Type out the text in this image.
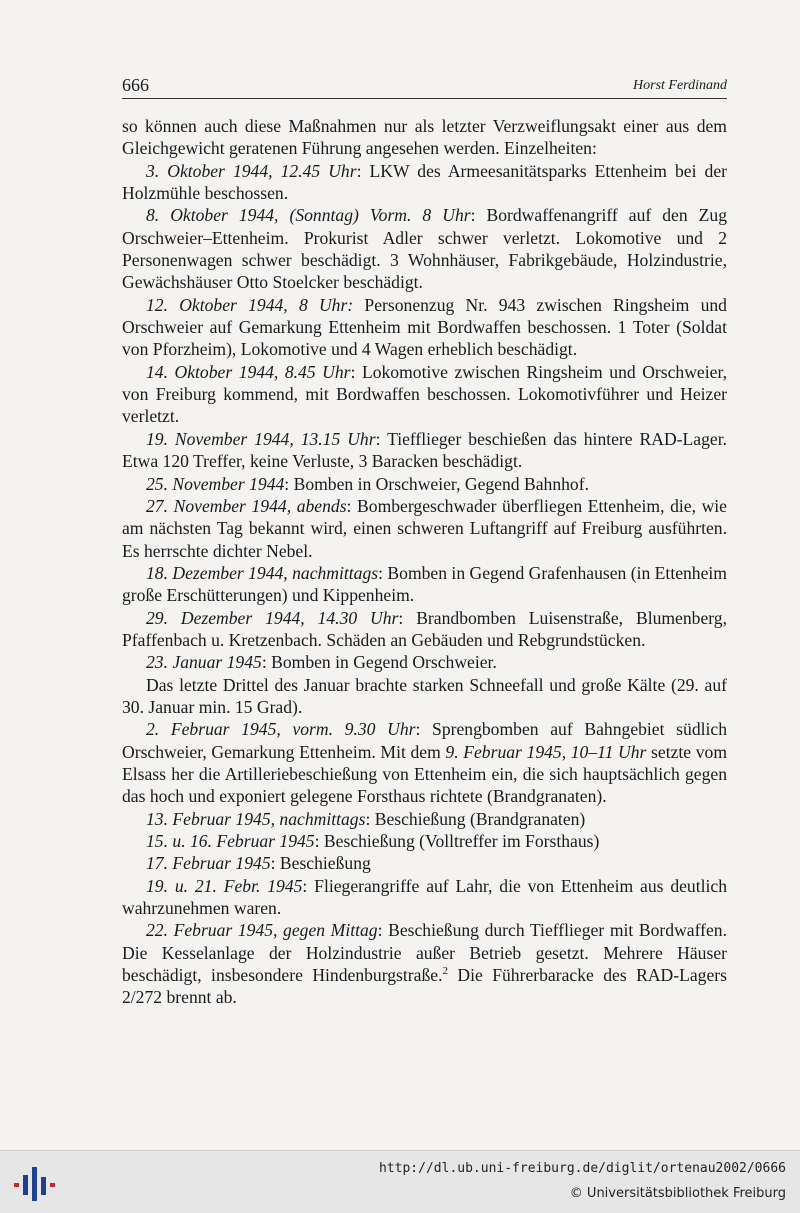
666	Horst Ferdinand

so können auch diese Maßnahmen nur als letzter Verzweiflungsakt einer aus dem Gleichgewicht geratenen Führung angesehen werden. Einzelheiten:

3. Oktober 1944, 12.45 Uhr: LKW des Armeesanitätsparks Ettenheim bei der Holzmühle beschossen.

8. Oktober 1944, (Sonntag) Vorm. 8 Uhr: Bordwaffenangriff auf den Zug Orschweier–Ettenheim. Prokurist Adler schwer verletzt. Lokomotive und 2 Personenwagen schwer beschädigt. 3 Wohnhäuser, Fabrikgebäude, Holzindustrie, Gewächshäuser Otto Stoelcker beschädigt.

12. Oktober 1944, 8 Uhr: Personenzug Nr. 943 zwischen Ringsheim und Orschweier auf Gemarkung Ettenheim mit Bordwaffen beschossen. 1 Toter (Soldat von Pforzheim), Lokomotive und 4 Wagen erheblich beschädigt.

14. Oktober 1944, 8.45 Uhr: Lokomotive zwischen Ringsheim und Orschweier, von Freiburg kommend, mit Bordwaffen beschossen. Lokomotivführer und Heizer verletzt.

19. November 1944, 13.15 Uhr: Tiefflieger beschießen das hintere RAD-Lager. Etwa 120 Treffer, keine Verluste, 3 Baracken beschädigt.

25. November 1944: Bomben in Orschweier, Gegend Bahnhof.

27. November 1944, abends: Bombergeschwader überfliegen Ettenheim, die, wie am nächsten Tag bekannt wird, einen schweren Luftangriff auf Freiburg ausführten. Es herrschte dichter Nebel.

18. Dezember 1944, nachmittags: Bomben in Gegend Grafenhausen (in Ettenheim große Erschütterungen) und Kippenheim.

29. Dezember 1944, 14.30 Uhr: Brandbomben Luisenstraße, Blumenberg, Pfaffenbach u. Kretzenbach. Schäden an Gebäuden und Rebgrundstücken.

23. Januar 1945: Bomben in Gegend Orschweier.

Das letzte Drittel des Januar brachte starken Schneefall und große Kälte (29. auf 30. Januar min. 15 Grad).

2. Februar 1945, vorm. 9.30 Uhr: Sprengbomben auf Bahngebiet südlich Orschweier, Gemarkung Ettenheim. Mit dem 9. Februar 1945, 10–11 Uhr setzte vom Elsass her die Artilleriebeschießung von Ettenheim ein, die sich hauptsächlich gegen das hoch und exponiert gelegene Forsthaus richtete (Brandgranaten).

13. Februar 1945, nachmittags: Beschießung (Brandgranaten)

15. u. 16. Februar 1945: Beschießung (Volltreffer im Forsthaus)

17. Februar 1945: Beschießung

19. u. 21. Febr. 1945: Fliegerangriffe auf Lahr, die von Ettenheim aus deutlich wahrzunehmen waren.

22. Februar 1945, gegen Mittag: Beschießung durch Tiefflieger mit Bordwaffen. Die Kesselanlage der Holzindustrie außer Betrieb gesetzt. Mehrere Häuser beschädigt, insbesondere Hindenburgstraße.$^2$ Die Führerbaracke des RAD-Lagers 2/272 brennt ab.

http://dl.ub.uni-freiburg.de/diglit/ortenau2002/0666
© Universitätsbibliothek Freiburg
